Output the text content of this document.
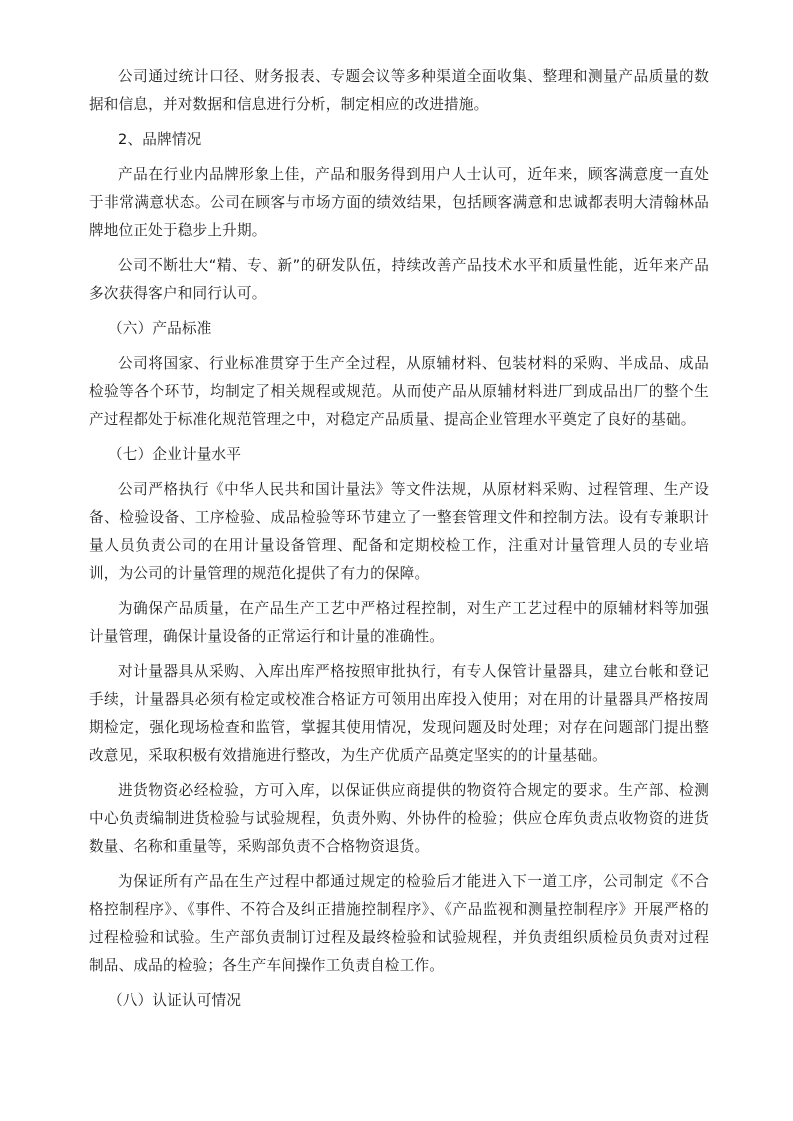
公司通过统计口径、财务报表、专题会议等多种渠道全面收集、整理和测量产品质量的数据和信息，并对数据和信息进行分析，制定相应的改进措施。

2、品牌情况

产品在行业内品牌形象上佳，产品和服务得到用户人士认可，近年来，顾客满意度一直处于非常满意状态。公司在顾客与市场方面的绩效结果，包括顾客满意和忠诚都表明大清翰林品牌地位正处于稳步上升期。

公司不断壮大“精、专、新”的研发队伍，持续改善产品技术水平和质量性能，近年来产品多次获得客户和同行认可。

（六）产品标准

公司将国家、行业标准贯穿于生产全过程，从原辅材料、包装材料的采购、半成品、成品检验等各个环节，均制定了相关规程或规范。从而使产品从原辅材料进厂到成品出厂的整个生产过程都处于标准化规范管理之中，对稳定产品质量、提高企业管理水平奠定了良好的基础。

（七）企业计量水平

公司严格执行《中华人民共和国计量法》等文件法规，从原材料采购、过程管理、生产设备、检验设备、工序检验、成品检验等环节建立了一整套管理文件和控制方法。设有专兼职计量人员负责公司的在用计量设备管理、配备和定期校检工作，注重对计量管理人员的专业培训，为公司的计量管理的规范化提供了有力的保障。

为确保产品质量，在产品生产工艺中严格过程控制，对生产工艺过程中的原辅材料等加强计量管理，确保计量设备的正常运行和计量的准确性。

对计量器具从采购、入库出库严格按照审批执行，有专人保管计量器具，建立台帐和登记手续，计量器具必须有检定或校准合格证方可领用出库投入使用；对在用的计量器具严格按周期检定，强化现场检查和监管，掌握其使用情况，发现问题及时处理；对存在问题部门提出整改意见，采取积极有效措施进行整改，为生产优质产品奠定坚实的的计量基础。

进货物资必经检验，方可入库，以保证供应商提供的物资符合规定的要求。生产部、检测中心负责编制进货检验与试验规程，负责外购、外协件的检验；供应仓库负责点收物资的进货数量、名称和重量等，采购部负责不合格物资退货。

为保证所有产品在生产过程中都通过规定的检验后才能进入下一道工序，公司制定《不合格控制程序》、《事件、不符合及纠正措施控制程序》、《产品监视和测量控制程序》开展严格的过程检验和试验。生产部负责制订过程及最终检验和试验规程，并负责组织质检员负责对过程制品、成品的检验；各生产车间操作工负责自检工作。

（八）认证认可情况
